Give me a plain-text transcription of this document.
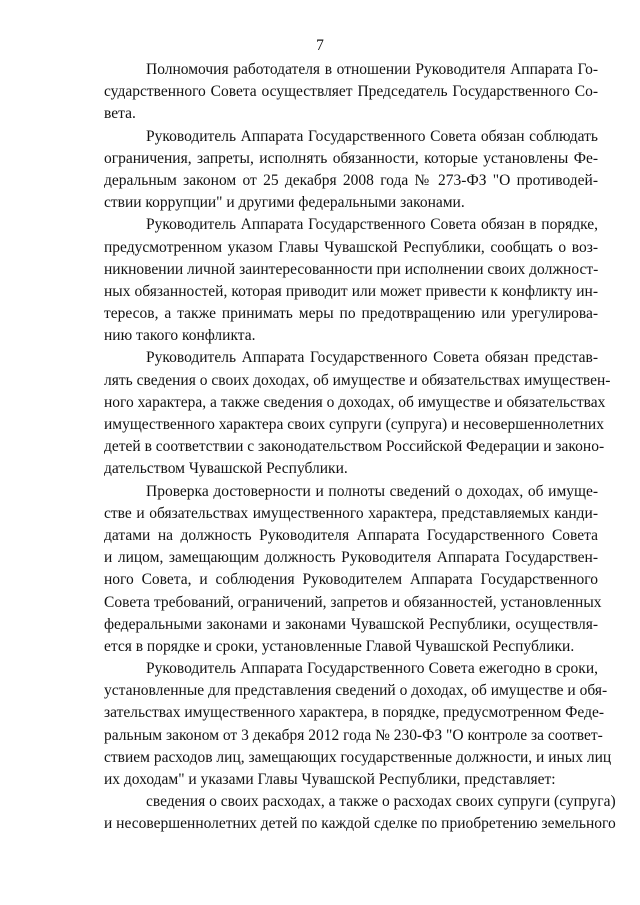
7
Полномочия работодателя в отношении Руководителя Аппарата Го-
сударственного Совета осуществляет Председатель Государственного Со-
вета.
Руководитель Аппарата Государственного Совета обязан соблюдать
ограничения, запреты, исполнять обязанности, которые установлены Фе-
деральным законом от 25 декабря 2008 года № 273-ФЗ "О противодей-
ствии коррупции" и другими федеральными законами.
Руководитель Аппарата Государственного Совета обязан в порядке,
предусмотренном указом Главы Чувашской Республики, сообщать о воз-
никновении личной заинтересованности при исполнении своих должност-
ных обязанностей, которая приводит или может привести к конфликту ин-
тересов, а также принимать меры по предотвращению или урегулирова-
нию такого конфликта.
Руководитель Аппарата Государственного Совета обязан представ-
лять сведения о своих доходах, об имуществе и обязательствах имуществен-
ного характера, а также сведения о доходах, об имуществе и обязательствах
имущественного характера своих супруги (супруга) и несовершеннолетних
детей в соответствии с законодательством Российской Федерации и законо-
дательством Чувашской Республики.
Проверка достоверности и полноты сведений о доходах, об имуще-
стве и обязательствах имущественного характера, представляемых канди-
датами на должность Руководителя Аппарата Государственного Совета
и лицом, замещающим должность Руководителя Аппарата Государствен-
ного Совета, и соблюдения Руководителем Аппарата Государственного
Совета требований, ограничений, запретов и обязанностей, установленных
федеральными законами и законами Чувашской Республики, осуществля-
ется в порядке и сроки, установленные Главой Чувашской Республики.
Руководитель Аппарата Государственного Совета ежегодно в сроки,
установленные для представления сведений о доходах, об имуществе и обя-
зательствах имущественного характера, в порядке, предусмотренном Феде-
ральным законом от 3 декабря 2012 года № 230-ФЗ "О контроле за соответ-
ствием расходов лиц, замещающих государственные должности, и иных лиц
их доходам" и указами Главы Чувашской Республики, представляет:
сведения о своих расходах, а также о расходах своих супруги (супруга)
и несовершеннолетних детей по каждой сделке по приобретению земельного
